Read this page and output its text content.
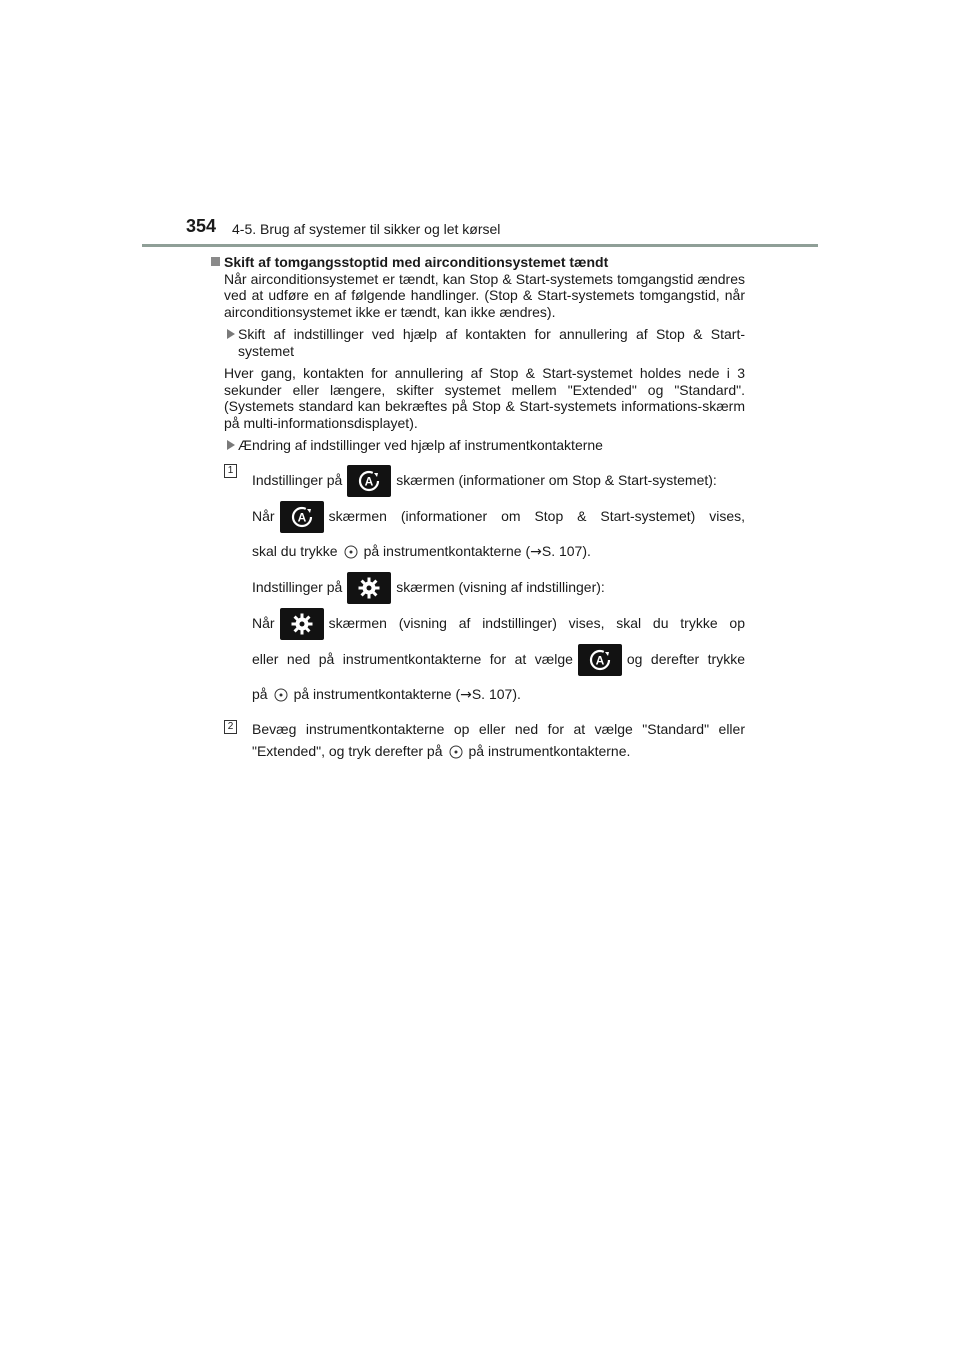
354 4-5. Brug af systemer til sikker og let kørsel
Skift af tomgangsstoptid med airconditionsystemet tændt
Når airconditionsystemet er tændt, kan Stop & Start-systemets tomgangstid ændres ved at udføre en af følgende handlinger. (Stop & Start-systemets tomgangstid, når airconditionsystemet ikke er tændt, kan ikke ændres).
Skift af indstillinger ved hjælp af kontakten for annullering af Stop & Start-systemet
Hver gang, kontakten for annullering af Stop & Start-systemet holdes nede i 3 sekunder eller længere, skifter systemet mellem "Extended" og "Standard". (Systemets standard kan bekræftes på Stop & Start-systemets informations-skærm på multi-informationsdisplayet).
Ændring af indstillinger ved hjælp af instrumentkontakterne
1
Indstillinger på A skærmen (informationer om Stop & Start-systemet):
Når A skærmen (informationer om Stop & Start-systemet) vises,
skal du trykke på instrumentkontakterne (→S. 107).
Indstillinger på	skærmen (visning af indstillinger):
Når	skærmen (visning af indstillinger) vises, skal du trykke op
eller ned på instrumentkontakterne for at vælge A og derefter trykke
på på instrumentkontakterne (→S. 107).
2 Bevæg instrumentkontakterne op eller ned for at vælge "Standard" eller
"Extended", og tryk derefter på på instrumentkontakterne.
